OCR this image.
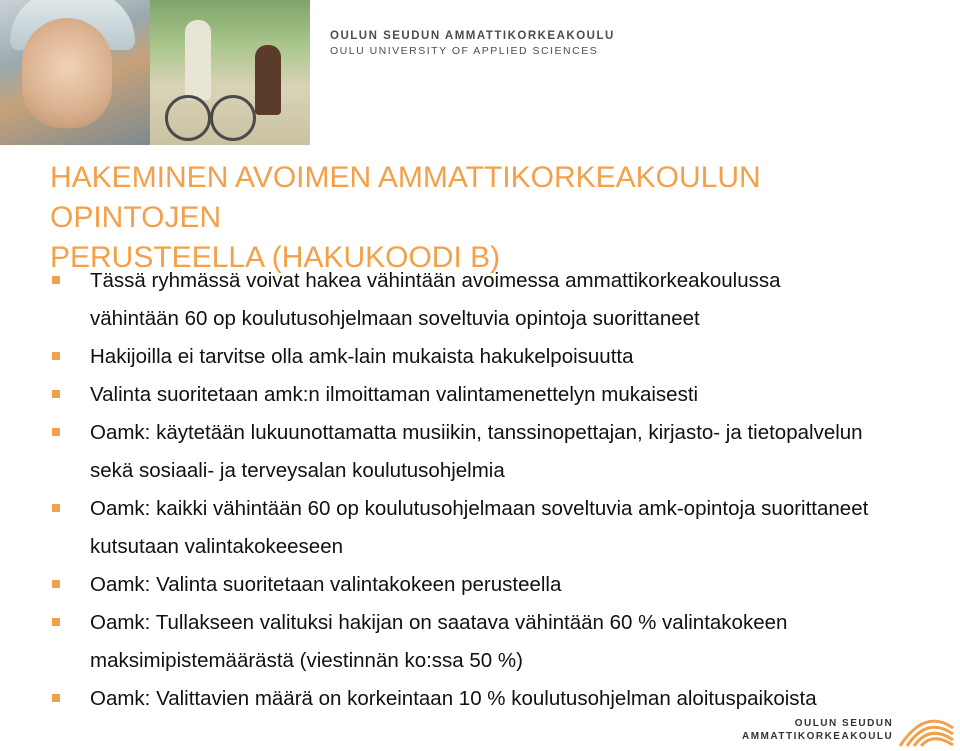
OULUN SEUDUN AMMATTIKORKEAKOULU
OULU UNIVERSITY OF APPLIED SCIENCES
HAKEMINEN AVOIMEN AMMATTIKORKEAKOULUN OPINTOJEN
PERUSTEELLA (HAKUKOODI B)
Tässä ryhmässä voivat hakea vähintään avoimessa ammattikorkeakoulussa
vähintään 60 op koulutusohjelmaan soveltuvia opintoja suorittaneet
Hakijoilla ei tarvitse olla amk-lain mukaista hakukelpoisuutta
Valinta suoritetaan amk:n ilmoittaman valintamenettelyn mukaisesti
Oamk: käytetään lukuunottamatta musiikin, tanssinopettajan, kirjasto- ja tietopalvelun
sekä sosiaali- ja terveysalan koulutusohjelmia
Oamk: kaikki vähintään 60 op koulutusohjelmaan soveltuvia amk-opintoja suorittaneet
kutsutaan valintakokeeseen
Oamk: Valinta suoritetaan valintakokeen perusteella
Oamk: Tullakseen valituksi hakijan on saatava vähintään 60 % valintakokeen
maksimipistemäärästä (viestinnän ko:ssa 50 %)
Oamk: Valittavien määrä on korkeintaan 10 % koulutusohjelman aloituspaikoista
OULUN SEUDUN
AMMATTIKORKEAKOULU
